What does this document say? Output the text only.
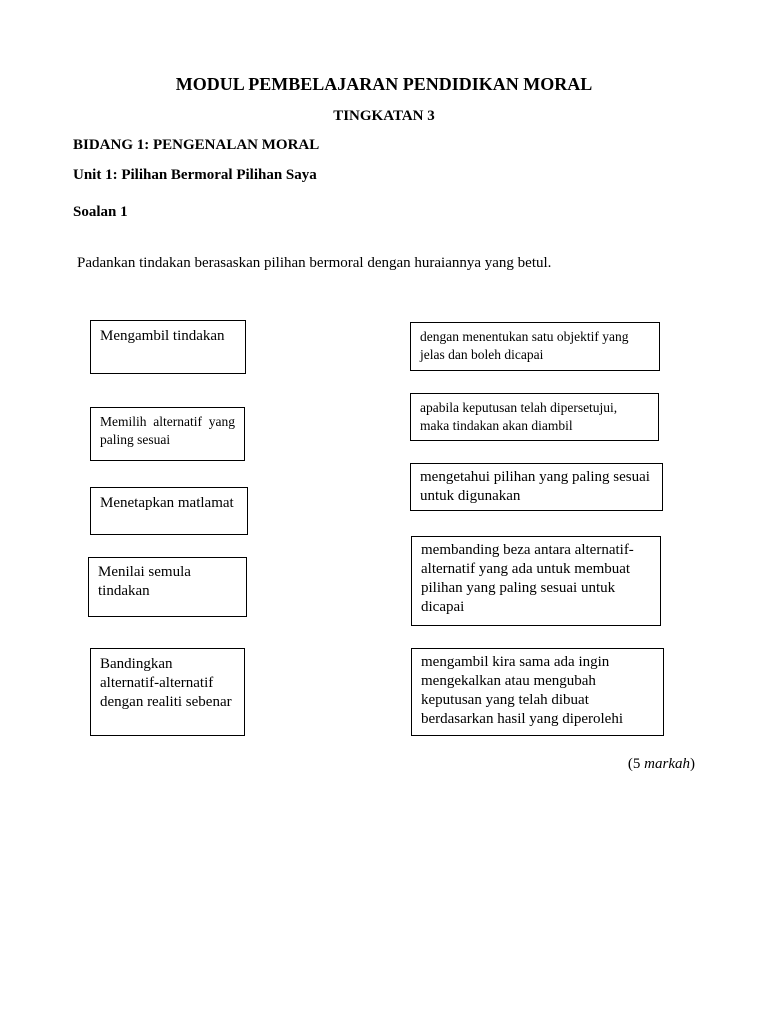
MODUL PEMBELAJARAN PENDIDIKAN MORAL
TINGKATAN 3
BIDANG 1: PENGENALAN MORAL
Unit 1: Pilihan Bermoral Pilihan Saya
Soalan 1
Padankan tindakan berasaskan pilihan bermoral dengan huraiannya yang betul.
Mengambil tindakan
Memilih alternatif yang paling sesuai
Menetapkan matlamat
Menilai semula tindakan
Bandingkan alternatif-alternatif dengan realiti sebenar
dengan menentukan satu objektif yang jelas dan boleh dicapai
apabila keputusan telah dipersetujui, maka tindakan akan diambil
mengetahui pilihan yang paling sesuai untuk digunakan
membanding beza antara alternatif-alternatif yang ada untuk membuat pilihan yang paling sesuai untuk dicapai
mengambil kira sama ada ingin mengekalkan atau mengubah keputusan yang telah dibuat berdasarkan hasil yang diperolehi
(5 markah)
